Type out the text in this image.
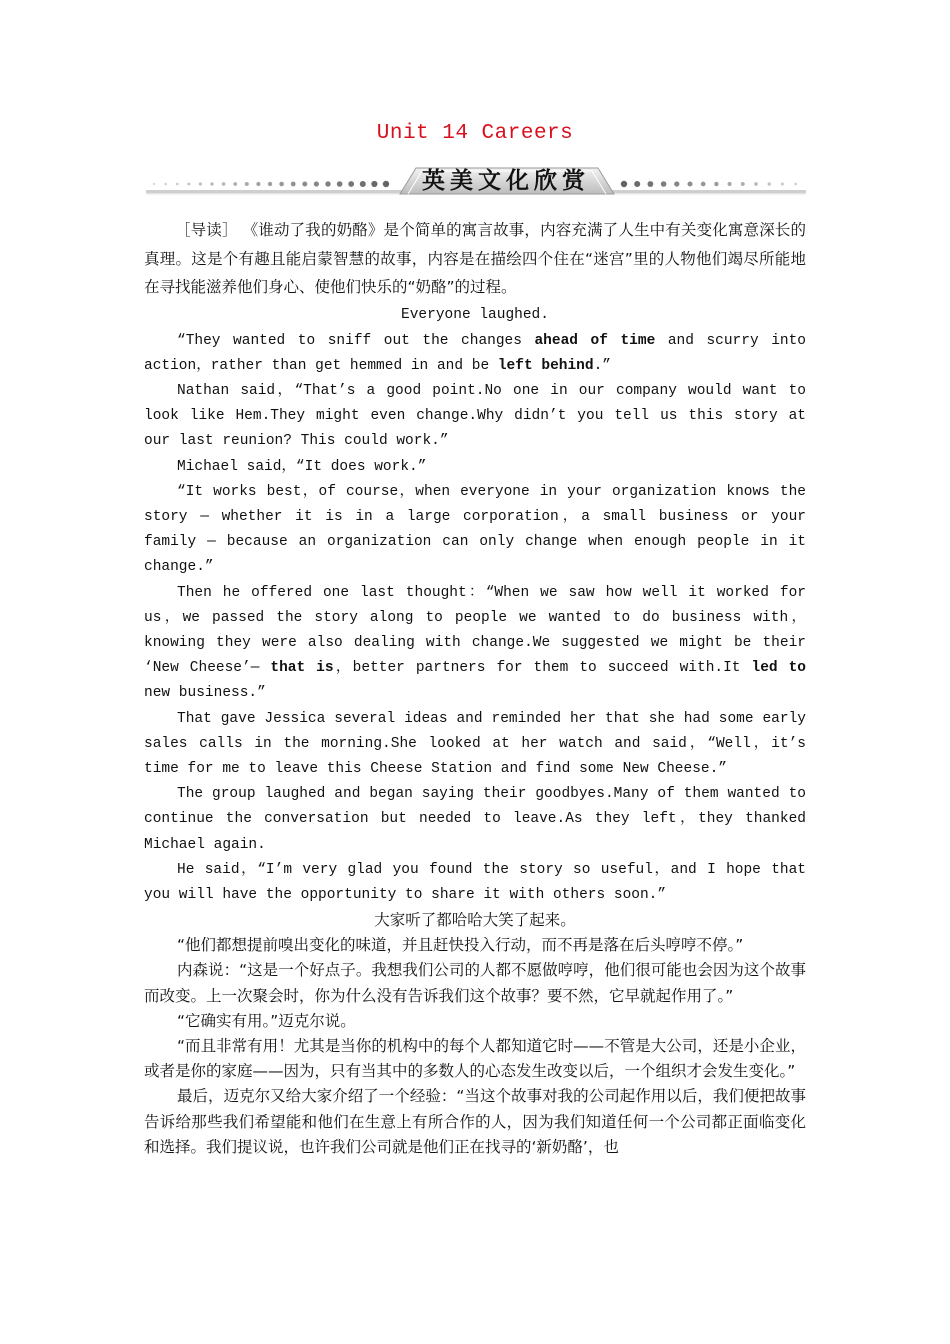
Unit 14 Careers
英美文化欣赏

［导读］ 《谁动了我的奶酪》是个简单的寓言故事，内容充满了人生中有关变化寓意深长的真理。这是个有趣且能启蒙智慧的故事，内容是在描绘四个住在“迷宫”里的人物他们竭尽所能地在寻找能滋养他们身心、使他们快乐的“奶酪”的过程。

Everyone laughed.

“They wanted to sniff out the changes ahead of time and scurry into action，rather than get hemmed in and be left behind.”

Nathan said，“That’s a good point.No one in our company would want to look like Hem.They might even change.Why didn’t you tell us this story at our last reunion? This could work.”

Michael said，“It does work.”

“It works best，of course，when everyone in your organization knows the story — whether it is in a large corporation，a small business or your family — because an organization can only change when enough people in it change.”

Then he offered one last thought：“When we saw how well it worked for us，we passed the story along to people we wanted to do business with，knowing they were also dealing with change.We suggested we might be their ‘New Cheese’— that is，better partners for them to succeed with.It led to new business.”

That gave Jessica several ideas and reminded her that she had some early sales calls in the morning.She looked at her watch and said，“Well，it’s time for me to leave this Cheese Station and find some New Cheese.”

The group laughed and began saying their goodbyes.Many of them wanted to continue the conversation but needed to leave.As they left，they thanked Michael again.

He said，“I’m very glad you found the story so useful，and I hope that you will have the opportunity to share it with others soon.”

大家听了都哈哈大笑了起来。

“他们都想提前嗅出变化的味道，并且赶快投入行动，而不再是落在后头哼哼不停。”

内森说：“这是一个好点子。我想我们公司的人都不愿做哼哼，他们很可能也会因为这个故事而改变。上一次聚会时，你为什么没有告诉我们这个故事？要不然，它早就起作用了。”

“它确实有用。”迈克尔说。

“而且非常有用！尤其是当你的机构中的每个人都知道它时——不管是大公司，还是小企业，或者是你的家庭——因为，只有当其中的多数人的心态发生改变以后，一个组织才会发生变化。”

最后，迈克尔又给大家介绍了一个经验：“当这个故事对我的公司起作用以后，我们便把故事告诉给那些我们希望能和他们在生意上有所合作的人，因为我们知道任何一个公司都正面临变化和选择。我们提议说，也许我们公司就是他们正在找寻的‘新奶酪’，也
